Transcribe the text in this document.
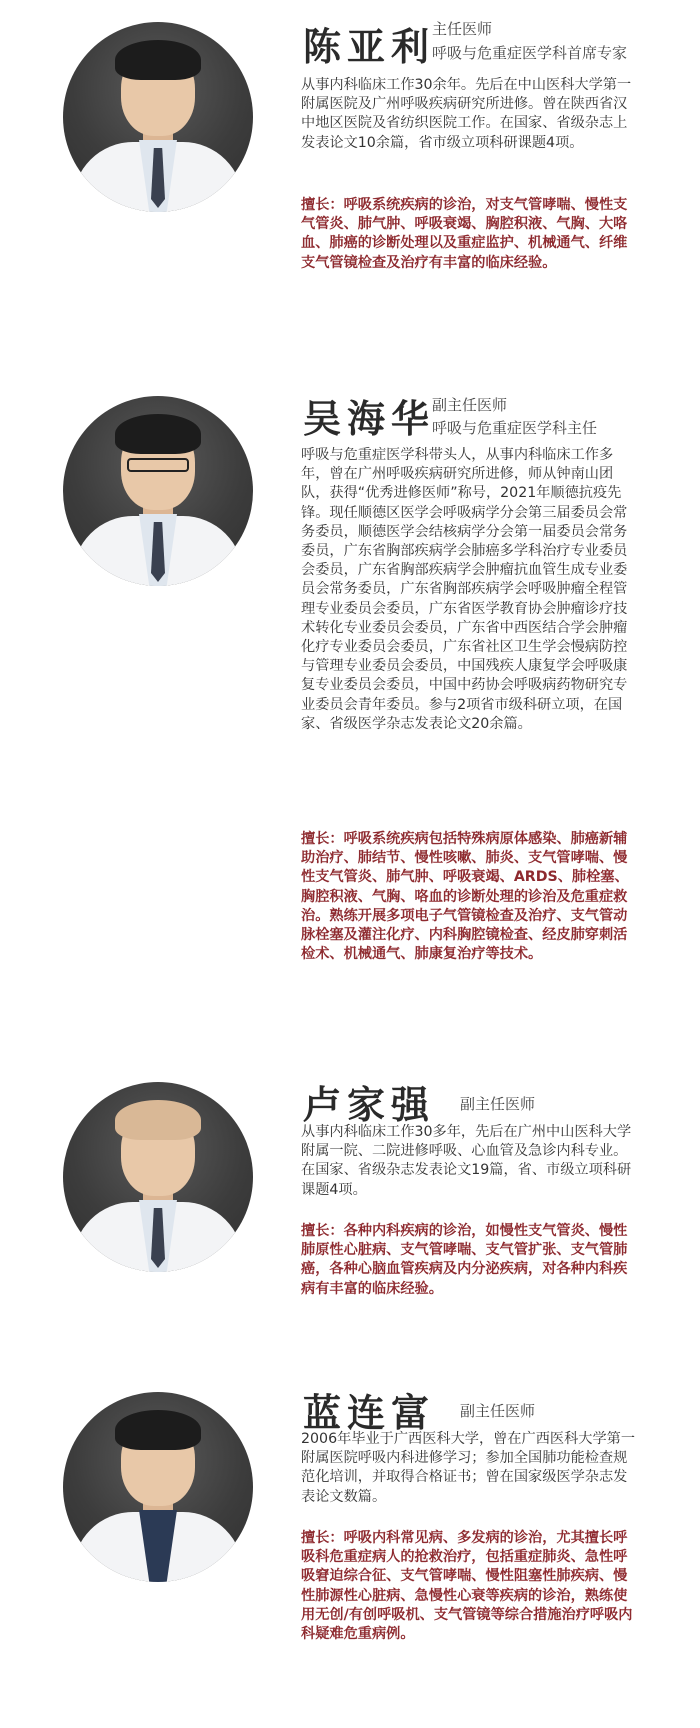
陈亚利
主任医师
呼吸与危重症医学科首席专家
从事内科临床工作30余年。先后在中山医科大学第一附属医院及广州呼吸疾病研究所进修。曾在陕西省汉中地区医院及省纺织医院工作。在国家、省级杂志上发表论文10余篇，省市级立项科研课题4项。
擅长：呼吸系统疾病的诊治，对支气管哮喘、慢性支气管炎、肺气肿、呼吸衰竭、胸腔积液、气胸、大咯血、肺癌的诊断处理以及重症监护、机械通气、纤维支气管镜检查及治疗有丰富的临床经验。
吴海华
副主任医师
呼吸与危重症医学科主任
呼吸与危重症医学科带头人，从事内科临床工作多年，曾在广州呼吸疾病研究所进修，师从钟南山团队，获得“优秀进修医师”称号，2021年顺德抗疫先锋。现任顺德区医学会呼吸病学分会第三届委员会常务委员，顺德医学会结核病学分会第一届委员会常务委员，广东省胸部疾病学会肺癌多学科治疗专业委员会委员，广东省胸部疾病学会肿瘤抗血管生成专业委员会常务委员，广东省胸部疾病学会呼吸肿瘤全程管理专业委员会委员，广东省医学教育协会肿瘤诊疗技术转化专业委员会委员，广东省中西医结合学会肿瘤化疗专业委员会委员，广东省社区卫生学会慢病防控与管理专业委员会委员，中国残疾人康复学会呼吸康复专业委员会委员，中国中药协会呼吸病药物研究专业委员会青年委员。参与2项省市级科研立项，在国家、省级医学杂志发表论文20余篇。
擅长：呼吸系统疾病包括特殊病原体感染、肺癌新辅助治疗、肺结节、慢性咳嗽、肺炎、支气管哮喘、慢性支气管炎、肺气肿、呼吸衰竭、ARDS、肺栓塞、胸腔积液、气胸、咯血的诊断处理的诊治及危重症救治。熟练开展多项电子气管镜检查及治疗、支气管动脉栓塞及灌注化疗、内科胸腔镜检查、经皮肺穿刺活检术、机械通气、肺康复治疗等技术。
卢家强 副主任医师
从事内科临床工作30多年，先后在广州中山医科大学附属一院、二院进修呼吸、心血管及急诊内科专业。在国家、省级杂志发表论文19篇，省、市级立项科研课题4项。
擅长：各种内科疾病的诊治，如慢性支气管炎、慢性肺原性心脏病、支气管哮喘、支气管扩张、支气管肺癌，各种心脑血管疾病及内分泌疾病，对各种内科疾病有丰富的临床经验。
蓝连富 副主任医师
2006年毕业于广西医科大学，曾在广西医科大学第一附属医院呼吸内科进修学习；参加全国肺功能检查规范化培训，并取得合格证书；曾在国家级医学杂志发表论文数篇。
擅长：呼吸内科常见病、多发病的诊治，尤其擅长呼吸科危重症病人的抢救治疗，包括重症肺炎、急性呼吸窘迫综合征、支气管哮喘、慢性阻塞性肺疾病、慢性肺源性心脏病、急慢性心衰等疾病的诊治，熟练使用无创/有创呼吸机、支气管镜等综合措施治疗呼吸内科疑难危重病例。
